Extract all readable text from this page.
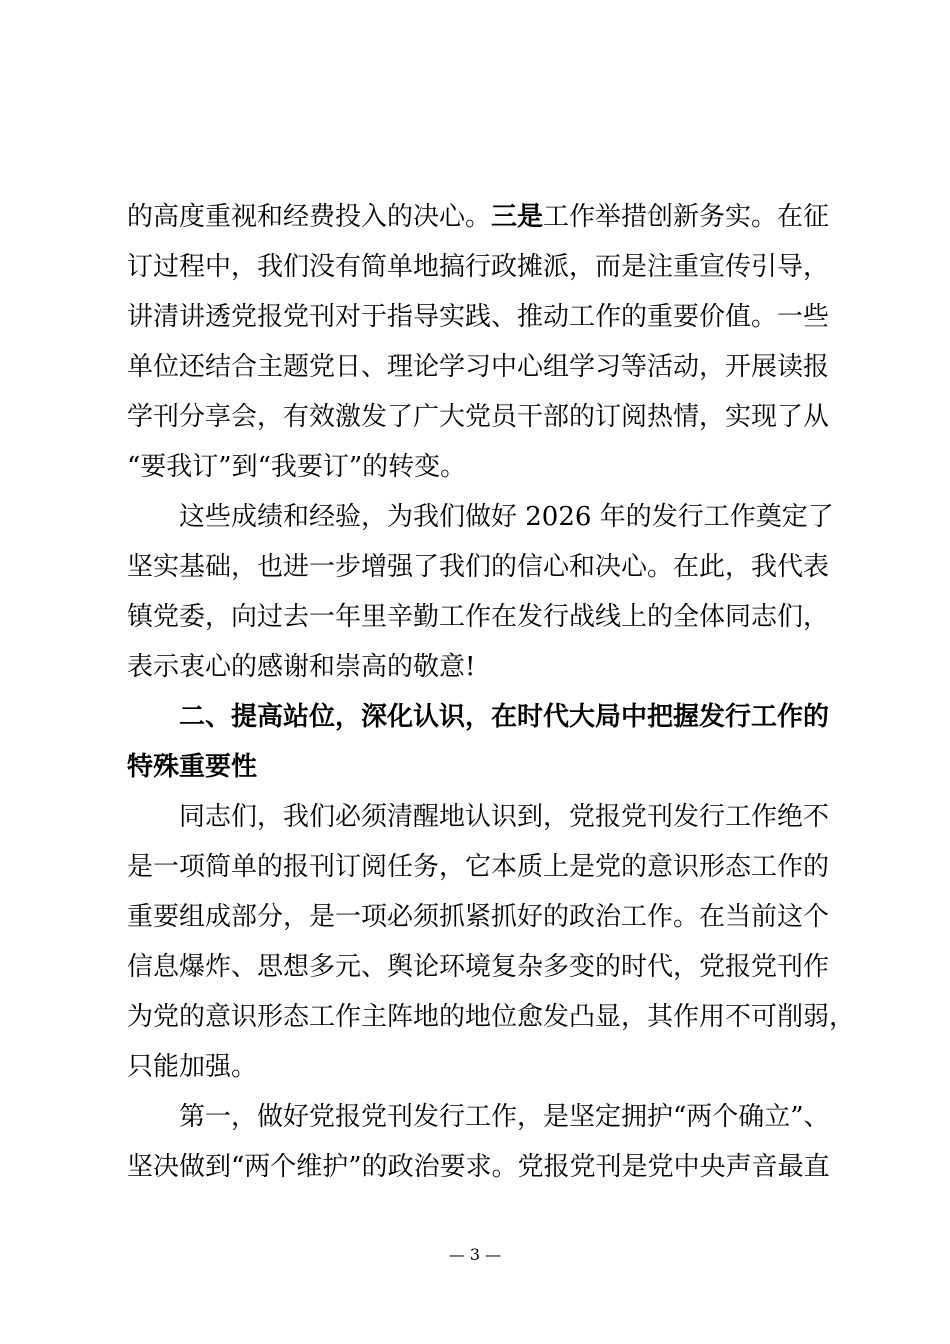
的高度重视和经费投入的决心。三是工作举措创新务实。在征
订过程中，我们没有简单地搞行政摊派，而是注重宣传引导，
讲清讲透党报党刊对于指导实践、推动工作的重要价值。一些
单位还结合主题党日、理论学习中心组学习等活动，开展读报
学刊分享会，有效激发了广大党员干部的订阅热情，实现了从
“要我订”到“我要订”的转变。
这些成绩和经验，为我们做好 2026 年的发行工作奠定了
坚实基础，也进一步增强了我们的信心和决心。在此，我代表
镇党委，向过去一年里辛勤工作在发行战线上的全体同志们，
表示衷心的感谢和崇高的敬意!
二、提高站位，深化认识，在时代大局中把握发行工作的
特殊重要性
同志们，我们必须清醒地认识到，党报党刊发行工作绝不
是一项简单的报刊订阅任务，它本质上是党的意识形态工作的
重要组成部分，是一项必须抓紧抓好的政治工作。在当前这个
信息爆炸、思想多元、舆论环境复杂多变的时代，党报党刊作
为党的意识形态工作主阵地的地位愈发凸显，其作用不可削弱，
只能加强。
第一，做好党报党刊发行工作，是坚定拥护“两个确立”、
坚决做到“两个维护”的政治要求。党报党刊是党中央声音最直
— 3 —
